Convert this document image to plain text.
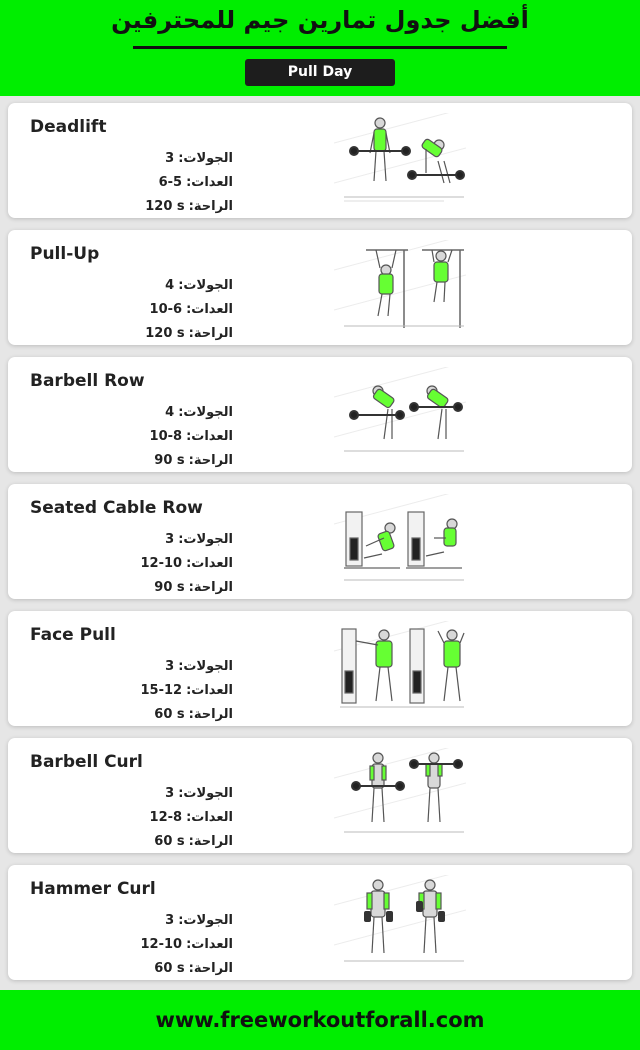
أفضل جدول تمارين جيم للمحترفين
Pull Day
Deadlift
3 الجولات:
6-5 العدات:
120 s الراحة:
Pull-Up
4 الجولات:
10-6 العدات:
120 s الراحة:
Barbell Row
4 الجولات:
10-8 العدات:
90 s الراحة:
Seated Cable Row
3 الجولات:
12-10 العدات:
90 s الراحة:
Face Pull
3 الجولات:
15-12 العدات:
60 s الراحة:
Barbell Curl
3 الجولات:
12-8 العدات:
60 s الراحة:
Hammer Curl
3 الجولات:
12-10 العدات:
60 s الراحة:
www.freeworkoutforall.com
